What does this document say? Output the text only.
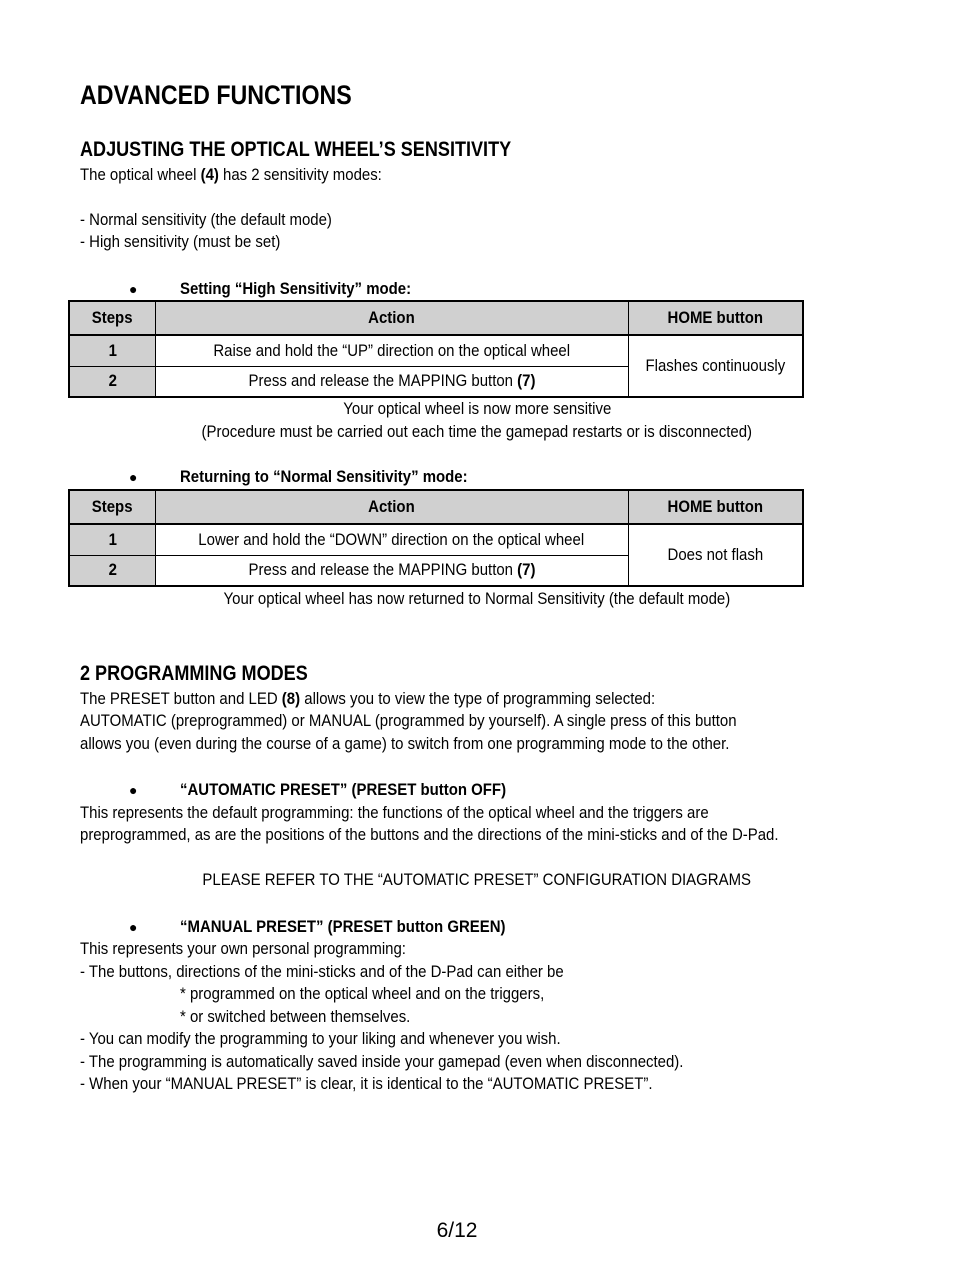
ADVANCED FUNCTIONS
ADJUSTING THE OPTICAL WHEEL’S SENSITIVITY
The optical wheel (4) has 2 sensitivity modes:
- Normal sensitivity (the default mode)
- High sensitivity (must be set)
●	Setting “High Sensitivity” mode:
Steps	Action	HOME button
1	Raise and hold the “UP” direction on the optical wheel	Flashes continuously
2	Press and release the MAPPING button (7)	
Your optical wheel is now more sensitive
(Procedure must be carried out each time the gamepad restarts or is disconnected)
●	Returning to “Normal Sensitivity” mode:
Steps	Action	HOME button
1	Lower and hold the “DOWN” direction on the optical wheel	Does not flash
2	Press and release the MAPPING button (7)	
Your optical wheel has now returned to Normal Sensitivity (the default mode)
2 PROGRAMMING MODES
The PRESET button and LED (8) allows you to view the type of programming selected:
AUTOMATIC (preprogrammed) or MANUAL (programmed by yourself). A single press of this button
allows you (even during the course of a game) to switch from one programming mode to the other.
●	“AUTOMATIC PRESET” (PRESET button OFF)
This represents the default programming: the functions of the optical wheel and the triggers are
preprogrammed, as are the positions of the buttons and the directions of the mini-sticks and of the D-Pad.
PLEASE REFER TO THE “AUTOMATIC PRESET” CONFIGURATION DIAGRAMS
●	“MANUAL PRESET” (PRESET button GREEN)
This represents your own personal programming:
- The buttons, directions of the mini-sticks and of the D-Pad can either be
* programmed on the optical wheel and on the triggers,
* or switched between themselves.
- You can modify the programming to your liking and whenever you wish.
- The programming is automatically saved inside your gamepad (even when disconnected).
- When your “MANUAL PRESET” is clear, it is identical to the “AUTOMATIC PRESET”.
6/12
